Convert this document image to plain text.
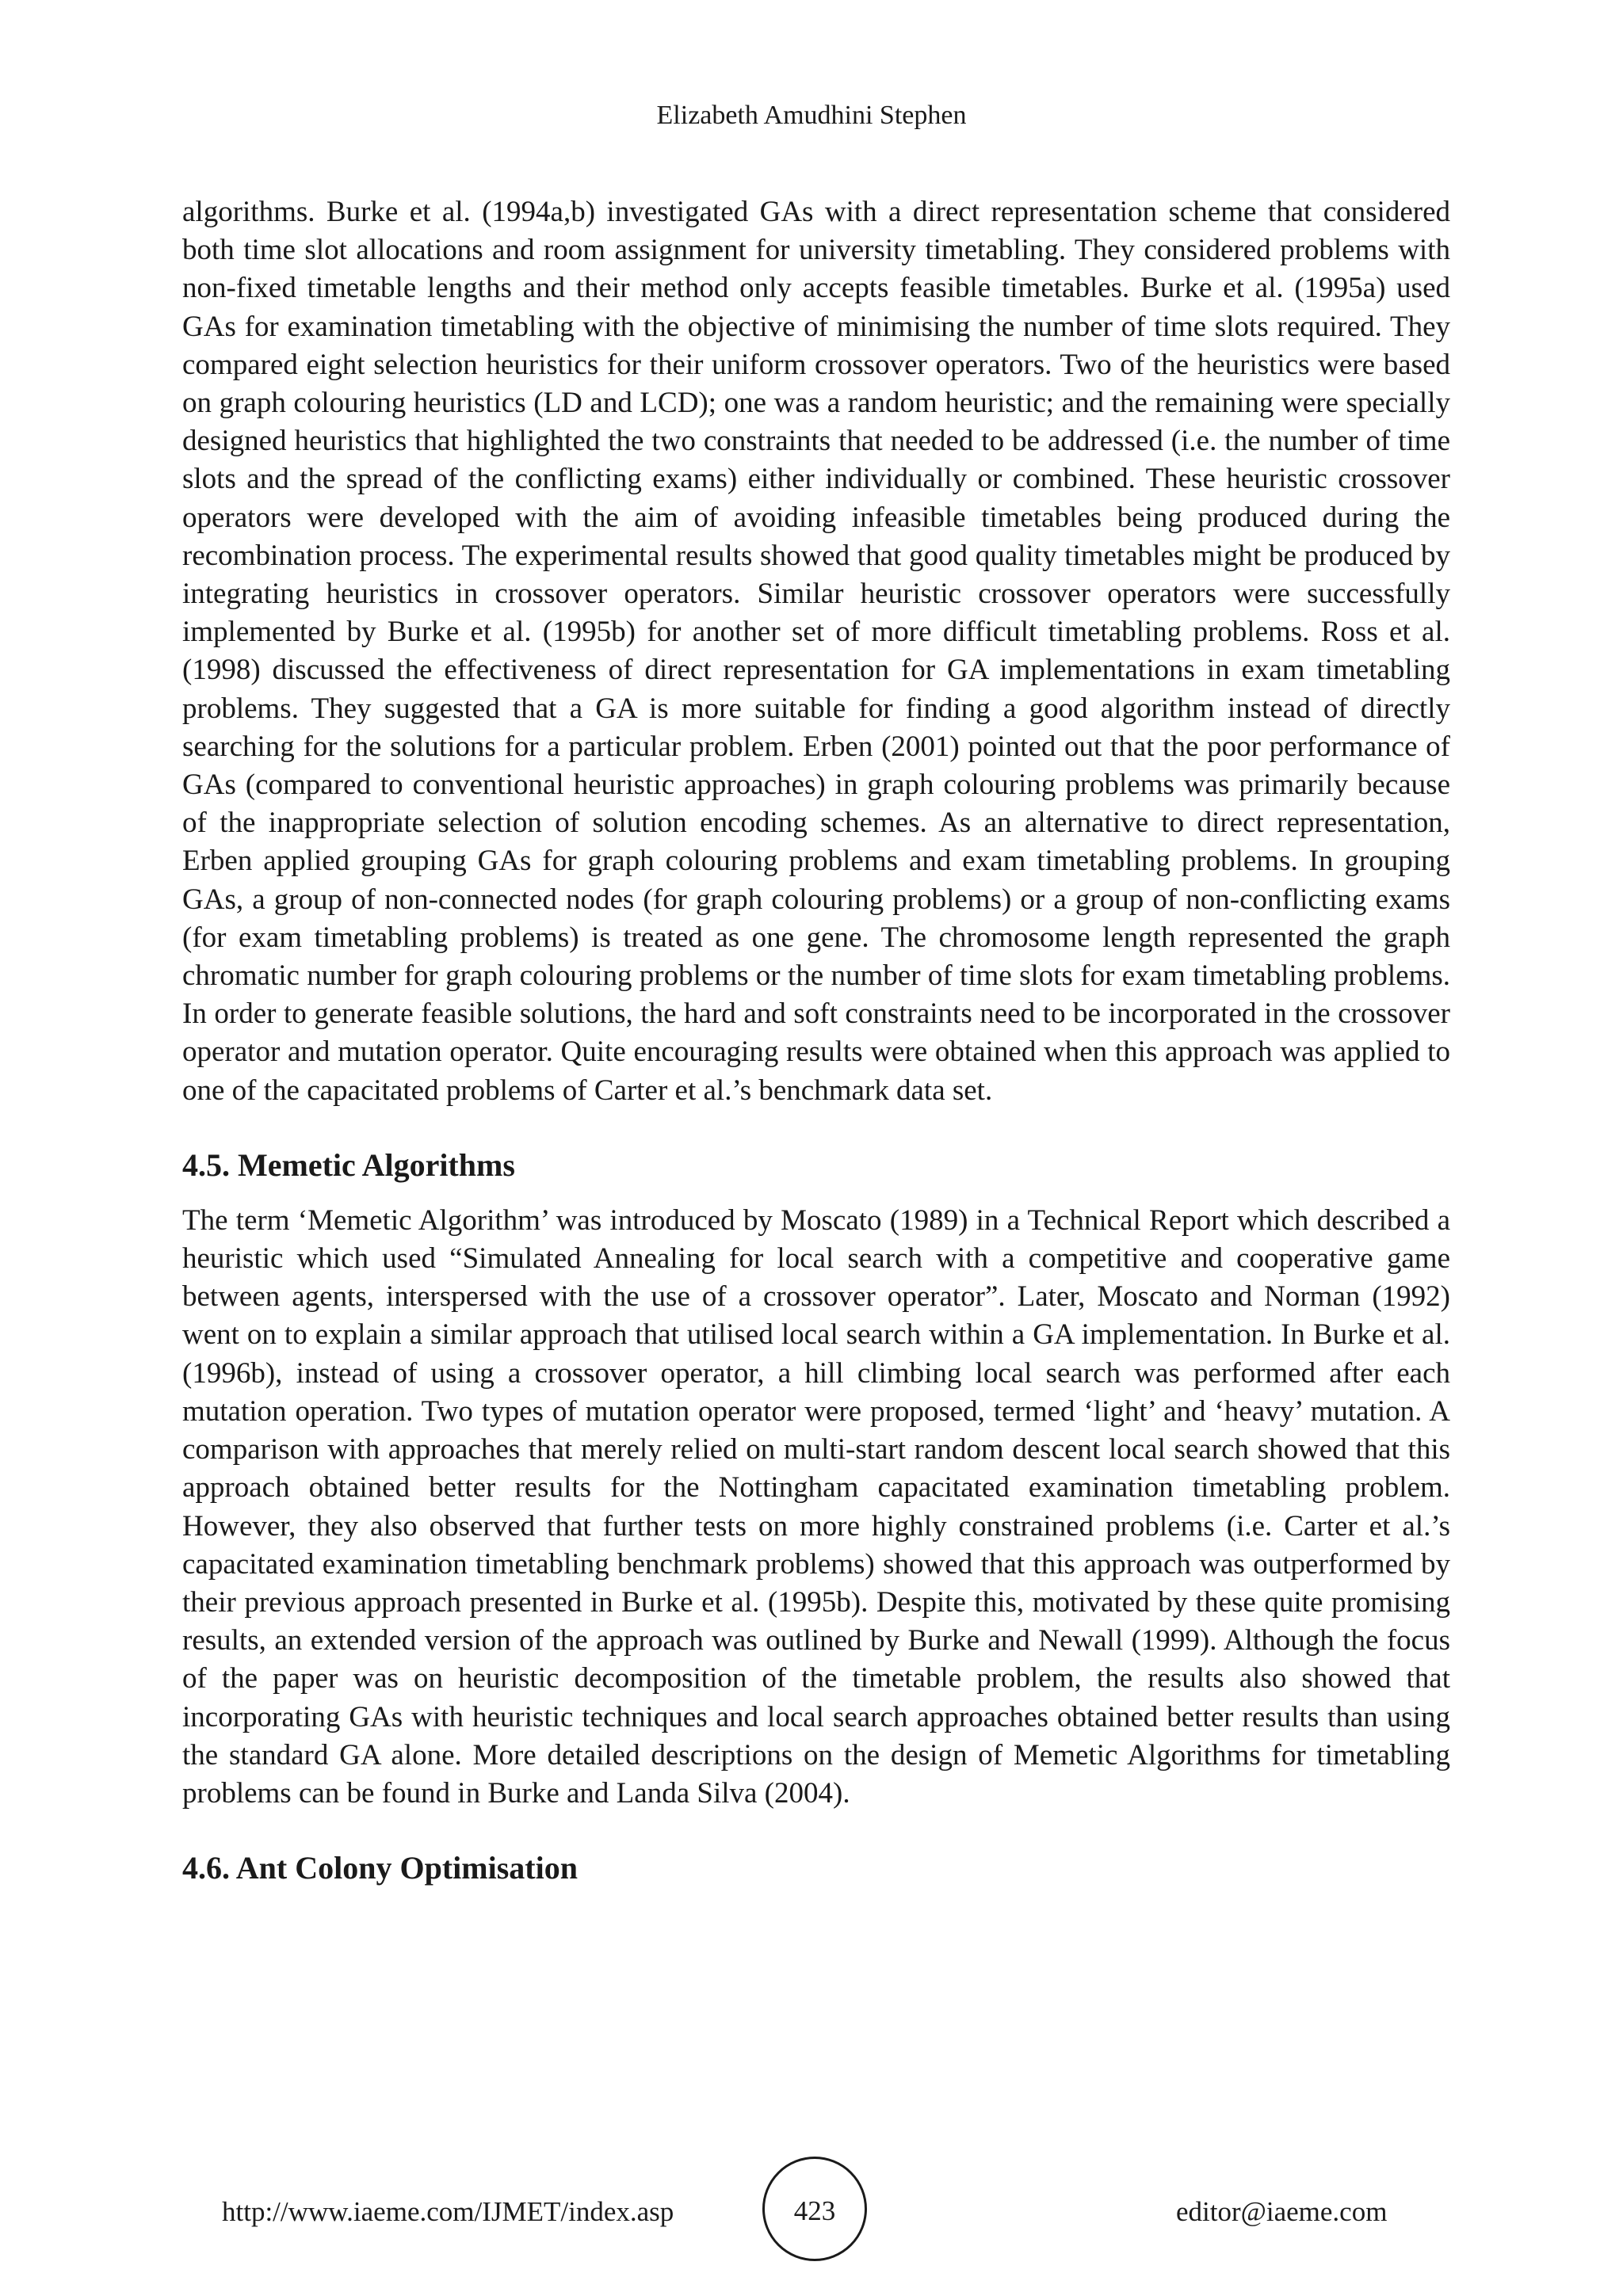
Elizabeth Amudhini Stephen

algorithms. Burke et al. (1994a,b) investigated GAs with a direct representation scheme that considered both time slot allocations and room assignment for university timetabling. They considered problems with non-fixed timetable lengths and their method only accepts feasible timetables. Burke et al. (1995a) used GAs for examination timetabling with the objective of minimising the number of time slots required. They compared eight selection heuristics for their uniform crossover operators. Two of the heuristics were based on graph colouring heuristics (LD and LCD); one was a random heuristic; and the remaining were specially designed heuristics that highlighted the two constraints that needed to be addressed (i.e. the number of time slots and the spread of the conflicting exams) either individually or combined. These heuristic crossover operators were developed with the aim of avoiding infeasible timetables being produced during the recombination process. The experimental results showed that good quality timetables might be produced by integrating heuristics in crossover operators. Similar heuristic crossover operators were successfully implemented by Burke et al. (1995b) for another set of more difficult timetabling problems. Ross et al. (1998) discussed the effectiveness of direct representation for GA implementations in exam timetabling problems. They suggested that a GA is more suitable for finding a good algorithm instead of directly searching for the solutions for a particular problem. Erben (2001) pointed out that the poor performance of GAs (compared to conventional heuristic approaches) in graph colouring problems was primarily because of the inappropriate selection of solution encoding schemes. As an alternative to direct representation, Erben applied grouping GAs for graph colouring problems and exam timetabling problems. In grouping GAs, a group of non-connected nodes (for graph colouring problems) or a group of non-conflicting exams (for exam timetabling problems) is treated as one gene. The chromosome length represented the graph chromatic number for graph colouring problems or the number of time slots for exam timetabling problems. In order to generate feasible solutions, the hard and soft constraints need to be incorporated in the crossover operator and mutation operator. Quite encouraging results were obtained when this approach was applied to one of the capacitated problems of Carter et al.’s benchmark data set.

4.5. Memetic Algorithms

The term ‘Memetic Algorithm’ was introduced by Moscato (1989) in a Technical Report which described a heuristic which used “Simulated Annealing for local search with a competitive and cooperative game between agents, interspersed with the use of a crossover operator”. Later, Moscato and Norman (1992) went on to explain a similar approach that utilised local search within a GA implementation. In Burke et al. (1996b), instead of using a crossover operator, a hill climbing local search was performed after each mutation operation. Two types of mutation operator were proposed, termed ‘light’ and ‘heavy’ mutation. A comparison with approaches that merely relied on multi-start random descent local search showed that this approach obtained better results for the Nottingham capacitated examination timetabling problem. However, they also observed that further tests on more highly constrained problems (i.e. Carter et al.’s capacitated examination timetabling benchmark problems) showed that this approach was outperformed by their previous approach presented in Burke et al. (1995b). Despite this, motivated by these quite promising results, an extended version of the approach was outlined by Burke and Newall (1999). Although the focus of the paper was on heuristic decomposition of the timetable problem, the results also showed that incorporating GAs with heuristic techniques and local search approaches obtained better results than using the standard GA alone. More detailed descriptions on the design of Memetic Algorithms for timetabling problems can be found in Burke and Landa Silva (2004).

4.6. Ant Colony Optimisation
http://www.iaeme.com/IJMET/index.asp	423	editor@iaeme.com
